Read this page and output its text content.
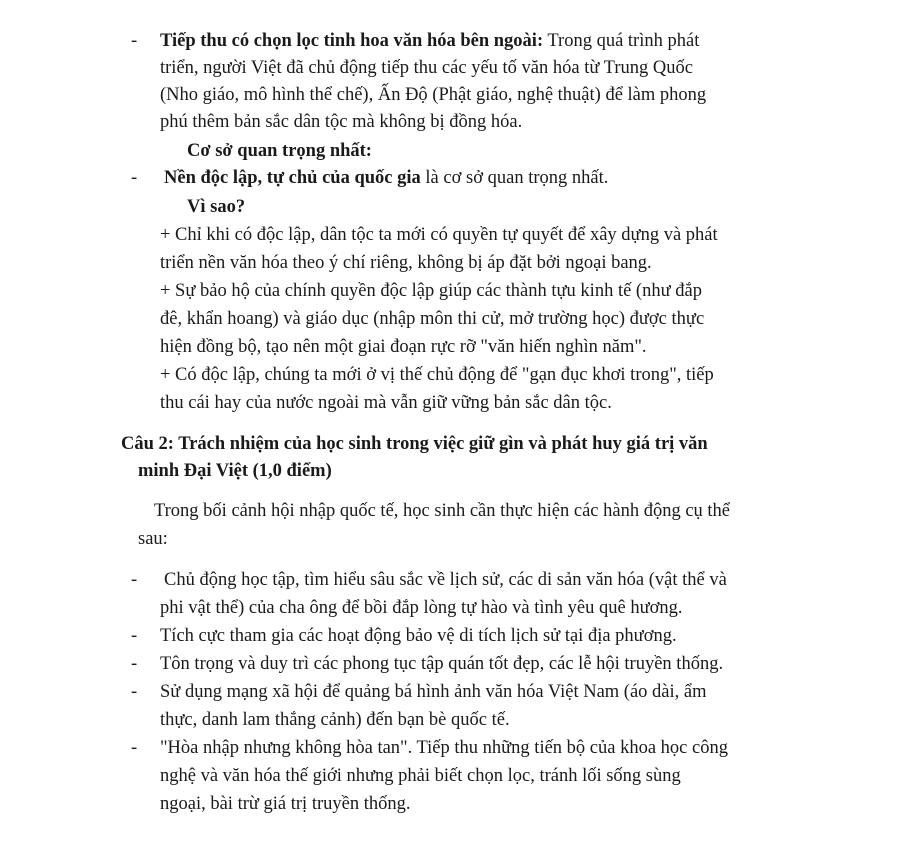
- Tiếp thu có chọn lọc tinh hoa văn hóa bên ngoài: Trong quá trình phát
triển, người Việt đã chủ động tiếp thu các yếu tố văn hóa từ Trung Quốc
(Nho giáo, mô hình thể chế), Ấn Độ (Phật giáo, nghệ thuật) để làm phong
phú thêm bản sắc dân tộc mà không bị đồng hóa.
Cơ sở quan trọng nhất:
- Nền độc lập, tự chủ của quốc gia là cơ sở quan trọng nhất.
Vì sao?
+ Chỉ khi có độc lập, dân tộc ta mới có quyền tự quyết để xây dựng và phát
triển nền văn hóa theo ý chí riêng, không bị áp đặt bởi ngoại bang.
+ Sự bảo hộ của chính quyền độc lập giúp các thành tựu kinh tế (như đắp
đê, khẩn hoang) và giáo dục (nhập môn thi cử, mở trường học) được thực
hiện đồng bộ, tạo nên một giai đoạn rực rỡ "văn hiến nghìn năm".
+ Có độc lập, chúng ta mới ở vị thế chủ động để "gạn đục khơi trong", tiếp
thu cái hay của nước ngoài mà vẫn giữ vững bản sắc dân tộc.
Câu 2: Trách nhiệm của học sinh trong việc giữ gìn và phát huy giá trị văn
minh Đại Việt (1,0 điểm)
Trong bối cảnh hội nhập quốc tế, học sinh cần thực hiện các hành động cụ thể
sau:
- Chủ động học tập, tìm hiểu sâu sắc về lịch sử, các di sản văn hóa (vật thể và
phi vật thể) của cha ông để bồi đắp lòng tự hào và tình yêu quê hương.
- Tích cực tham gia các hoạt động bảo vệ di tích lịch sử tại địa phương.
- Tôn trọng và duy trì các phong tục tập quán tốt đẹp, các lễ hội truyền thống.
- Sử dụng mạng xã hội để quảng bá hình ảnh văn hóa Việt Nam (áo dài, ẩm
thực, danh lam thắng cảnh) đến bạn bè quốc tế.
- "Hòa nhập nhưng không hòa tan". Tiếp thu những tiến bộ của khoa học công
nghệ và văn hóa thế giới nhưng phải biết chọn lọc, tránh lối sống sùng
ngoại, bài trừ giá trị truyền thống.
